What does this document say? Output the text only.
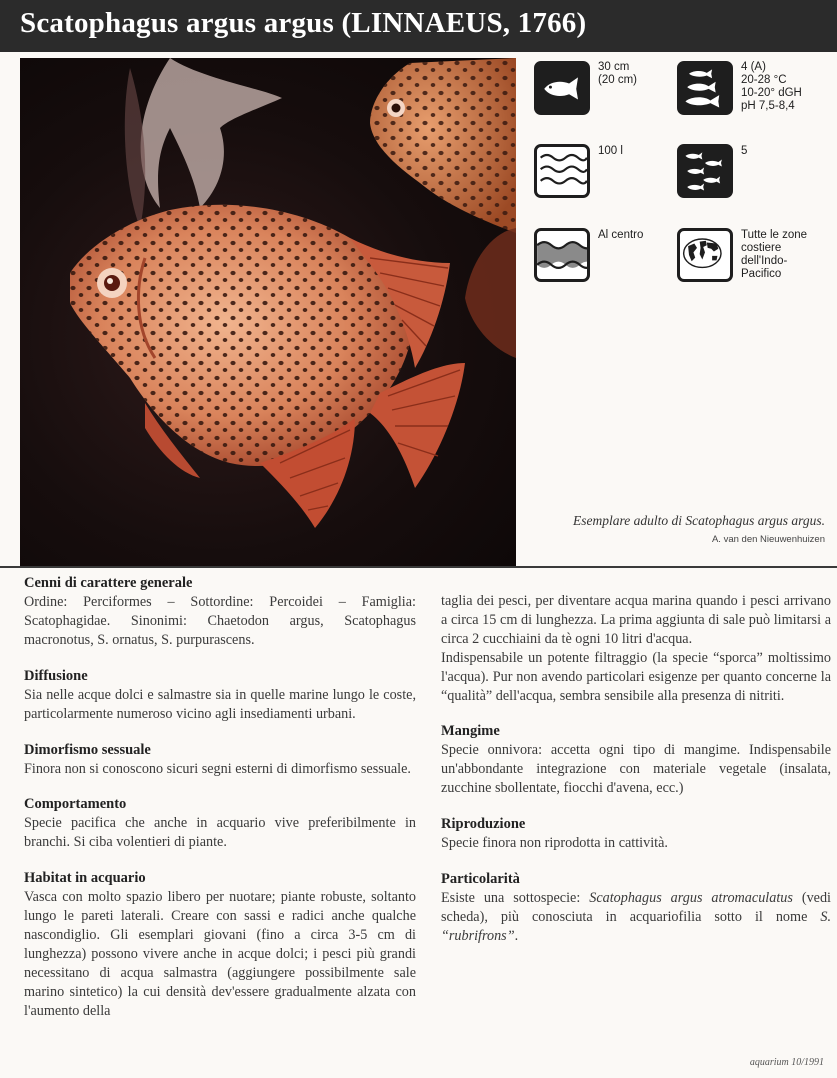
Scatophagus argus argus (LINNAEUS, 1766)
Esemplare adulto di Scatophagus argus argus.
A. van den Nieuwenhuizen
30 cm
(20 cm)
4 (A)
20-28 °C
10-20° dGH
pH 7,5-8,4
100 l	5
Al centro	Tutte le zone
costiere
dell'Indo-
Pacifico
Cenni di carattere generale

Ordine: Perciformes – Sottordine: Percoidei – Famiglia: Scatophagidae. Sinonimi: Chaetodon argus, Scatophagus macronotus, S. ornatus, S. purpurascens.

Diffusione

Sia nelle acque dolci e salmastre sia in quelle marine lungo le coste, particolarmente numeroso vicino agli insediamenti urbani.

Dimorfismo sessuale

Finora non si conoscono sicuri segni esterni di dimorfismo sessuale.

Comportamento

Specie pacifica che anche in acquario vive preferibilmente in branchi. Si ciba volentieri di piante.

Habitat in acquario

Vasca con molto spazio libero per nuotare; piante robuste, soltanto lungo le pareti laterali. Creare con sassi e radici anche qualche nascondiglio. Gli esemplari giovani (fino a circa 3-5 cm di lunghezza) possono vivere anche in acque dolci; i pesci più grandi necessitano di acqua salmastra (aggiungere possibilmente sale marino sintetico) la cui densità dev'essere gradualmente alzata con l'aumento della

taglia dei pesci, per diventare acqua marina quando i pesci arrivano a circa 15 cm di lunghezza. La prima aggiunta di sale può limitarsi a circa 2 cucchiaini da tè ogni 10 litri d'acqua.

Indispensabile un potente filtraggio (la specie “sporca” moltissimo l'acqua). Pur non avendo particolari esigenze per quanto concerne la “qualità” dell'acqua, sembra sensibile alla presenza di nitriti.

Mangime

Specie onnivora: accetta ogni tipo di mangime. Indispensabile un'abbondante integrazione con materiale vegetale (insalata, zucchine sbollentate, fiocchi d'avena, ecc.)

Riproduzione

Specie finora non riprodotta in cattività.

Particolarità

Esiste una sottospecie: Scatophagus argus atromaculatus (vedi scheda), più conosciuta in acquariofilia sotto il nome S. “rubrifrons”.

aquarium 10/1991
